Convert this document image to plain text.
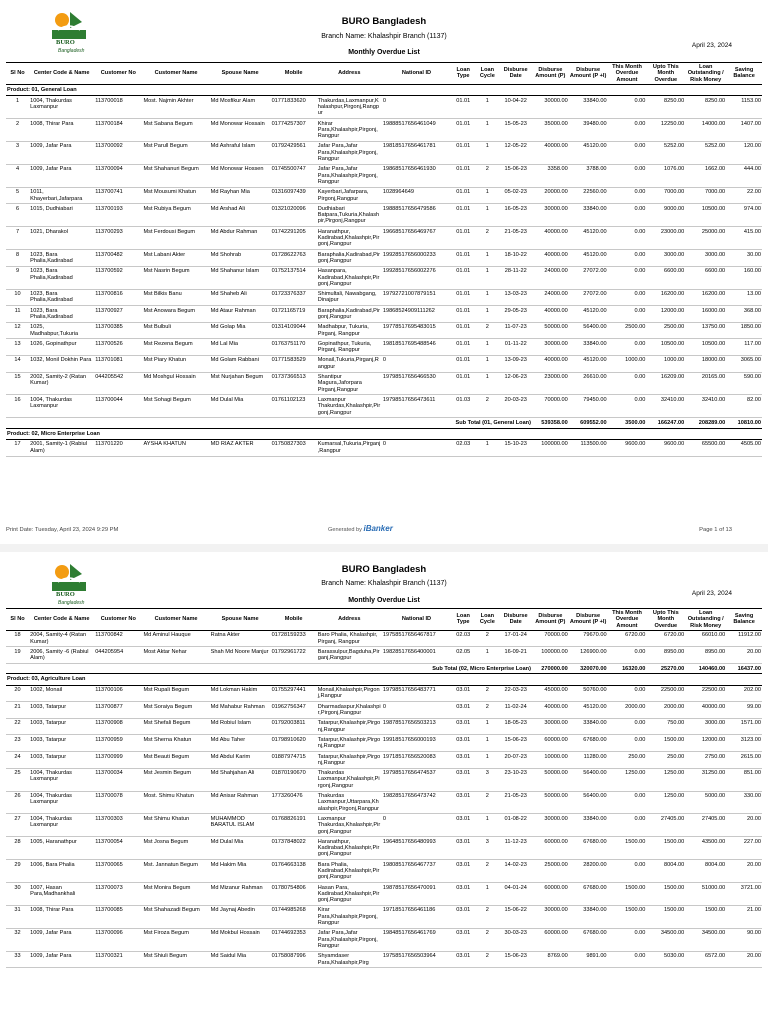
BURO
Bangladesh
BURO Bangladesh
Branch Name: Khalashpir Branch (1137)
Monthly Overdue List
April 23, 2024
Sl No	Center Code & Name	Customer No	Customer Name	Spouse Name	Mobile	Address	National ID	Loan Type	Loan Cycle	Disburse Date	Disburse Amount (P)	Disburse Amount (P +I)	This Month Overdue Amount	Upto This Month Overdue	Loan Outstanding / Risk Money	Saving Balance
Product: 01, General Loan																
1	1004, Thakurdas Laxmanpur	113700018	Most. Najmin Akhter	Md Mosfikur Alam	01771833620	Thakurdas,Laxmanpur,Khalashpur,Pirgonj,Rangpur	0	01.01	1	10-04-22	30000.00	33840.00	0.00	8250.00	8250.00	1153.00
2	1008, Thirar Para	113700184	Mst Sabana Begum	Md Monowar Hossain	01774257307	Khirar Para,Khalashpir,Pirgonj,Rangpur	19888517656461049	01.01	1	15-05-23	35000.00	39480.00	0.00	12250.00	14000.00	1407.00
3	1009, Jafar Para	113700092	Mst Parull Begum	Md Ashraful Islam	01792429561	Jafar Para,Jafar Para,Khalashpir,Pirgonj,Rangpur	19818517656461781	01.01	1	12-05-22	40000.00	45120.00	0.00	5252.00	5252.00	120.00
4	1009, Jafar Para	113700094	Mst Shahanuri Begum	Md Monowar Hossen	01745500747	Jafar Para,Jafar Para,Khalashpir,Pirgonj,Rangpur	19868517656461930	01.01	2	15-06-23	3358.00	3788.00	0.00	1076.00	1662.00	444.00
5	1011, Khayerbari,Jafarpara	113700741	Mst Mousumi Khatun	Md Rayhan Mia	01316097439	Kayerbari,Jafarpara, Pirgonj,Rangpur	1028964649	01.01	1	05-02-23	20000.00	22560.00	0.00	7000.00	7000.00	22.00
6	1015, Dudhiabari	113700193	Mst Rubiya Begum	Md Arshad Ali	01321020096	Dudhiabari Batpara,Tukuria,Khalashpir,Pirgonj,Rangpur	19888517656479586	01.01	1	16-05-23	30000.00	33840.00	0.00	9000.00	10500.00	974.00
7	1021, Dharakol	113700293	Mst Ferdousi Begum	Md Abdur Rahman	01742291205	Haranathpur, Kadirabad,Khalashpir,Pirgonj,Rangpur	19668517656469767	01.01	2	21-05-23	40000.00	45120.00	0.00	23000.00	25000.00	415.00
8	1023, Bara Phalia,Kadirabad	113700482	Mst Labani Akter	Md Shohrab	01728622763	Baraphalia,Kadirabad,Pirgonj,Rangpur	19928517656000233	01.01	1	18-10-22	40000.00	45120.00	0.00	3000.00	3000.00	30.00
9	1023, Bara Phalia,Kadirabad	113700592	Mst Nasrin Begum	Md Shahanur Islam	01752137514	Hasanpara, Kadirabad,Khalashpir,Pirgonj,Rangpur	19928517656002276	01.01	1	28-11-22	24000.00	27072.00	0.00	6600.00	6600.00	160.00
10	1023, Bara Phalia,Kadirabad	113700816	Mst Bilkis Banu	Md Shaheb Ali	01723376337	Shimultali, Nawabgang, Dinajpur	19792721007879151	01.01	1	13-03-23	24000.00	27072.00	0.00	16200.00	16200.00	13.00
11	1023, Bara Phalia,Kadirabad	113700927	Mst Anowara Begum	Md Ataur Rahman	01721165719	Baraphalia,Kadirabad,Pirgonj,Rangpur	19868524909111262	01.01	1	29-05-23	40000.00	45120.00	0.00	12000.00	16000.00	368.00
12	1025, Madhabpur,Tukuria	113700385	Mst Bulbuli	Md Golap Mia	01314109044	Madhabpur, Tukuria, Pirganj, Rangpur	19778517695483015	01.01	2	11-07-23	50000.00	56400.00	2500.00	2500.00	13750.00	1850.00
13	1026, Gopinathpur	113700526	Mst Rezena Begum	Md Lal Mia	01763751170	Gopinathpur, Tukuria, Pirganj, Rangpur	19818517695488546	01.01	1	01-11-22	30000.00	33840.00	0.00	10500.00	10500.00	117.00
14	1032, Monil Dokhin Para	113701081	Mst Piary Khatun	Md Golam Rabbani	01771583529	Monail,Tukuria,Pirganj,Rangpur	0	01.01	1	13-09-23	40000.00	45120.00	1000.00	1000.00	18000.00	3065.00
15	2002, Samity-2 (Ratan Kumar)	044205542	Md Moshgul Hossain	Mst Nurjahan Begum	01737366513	Shantipur Magura,Jaforpara Pirganj,Rangpur	19798517656466530	01.01	1	12-06-23	23000.00	26610.00	0.00	16209.00	20165.00	590.00
16	1004, Thakurdas Laxmanpur	113700044	Mst Sohagi Begum	Md Dulal Mia	01761102123	Laxmanpur Thakurdas,Khalashpir,Pirgonj,Rangpur	19798517656473611	01.03	2	20-03-23	70000.00	79450.00	0.00	32410.00	32410.00	82.00
Sub Total (01, General Loan)											539358.00	609552.00	3500.00	166247.00	208289.00	10810.00
Product: 02, Micro Enterprise Loan																
17	2001, Samity-1 (Rabiul Alam)	113701220	AYSHA KHATUN	MD RIAZ AKTER	01750827303	Kumarsal,Tukuria,Pirganj,Rangpur	0	02.03	1	15-10-23	100000.00	113500.00	9600.00	9600.00	65500.00	4505.00
Print Date: Tuesday, April 23, 2024 9:29 PM	Generated by iBanker	Page 1 of 13
BURO
Bangladesh
BURO Bangladesh
Branch Name: Khalashpir Branch (1137)
Monthly Overdue List
April 23, 2024
Sl No	Center Code & Name	Customer No	Customer Name	Spouse Name	Mobile	Address	National ID	Loan Type	Loan Cycle	Disburse Date	Disburse Amount (P)	Disburse Amount (P +I)	This Month Overdue Amount	Upto This Month Overdue	Loan Outstanding / Risk Money	Saving Balance
18	2004, Samity-4 (Ratan Kumar)	113700842	Md Aminul Hauque	Ratna Akter	01728159233	Baro Phalia, Khalashpir, Pirganj, Rangpur	19758517656467817	02.03	2	17-01-24	70000.00	79670.00	6720.00	6720.00	66010.00	11912.00
19	2006, Samity -6 (Rabiul Alam)	044205954	Most Aktar Nehar	Shah Md Noore Manjur	01792961722	Barassulpur,Bagduha,Pirganj,Rangpur	19828517656400001	02.05	1	16-09-21	100000.00	126900.00	0.00	8950.00	8950.00	20.00
Sub Total (02, Micro Enterprise Loan)											270000.00	320070.00	16320.00	25270.00	140460.00	16437.00
Product: 03, Agriculture Loan																
20	1002, Monail	113700106	Mst Rupali Begum	Md Lokman Hakim	01755297441	Monail,Khalashpir,Pirgonj,Rangpur	19798517656483771	03.01	2	22-03-23	45000.00	50760.00	0.00	22500.00	22500.00	202.00
21	1003, Tatarpur	113700877	Mst Soraiya Begum	Md Mahabur Rahman	01962756347	Dharmadaspur,Khalashpir,Pirgonj,Rangpur	0	03.01	2	11-02-24	40000.00	45120.00	2000.00	2000.00	40000.00	99.00
22	1003, Tatarpur	113700908	Mst Shefali Begum	Md Robiul Islam	01792003811	Tatarpur,Khalashpir,Pirgonj,Rangpur	19878517656503213	03.01	1	18-05-23	30000.00	33840.00	0.00	750.00	3000.00	1571.00
23	1003, Tatarpur	113700959	Mst Sherna Khatun	Md Abu Taher	01798910620	Tatarpur,Khalashpir,Pirgonj,Rangpur	19918517656000193	03.01	1	15-06-23	60000.00	67680.00	0.00	1500.00	12000.00	3123.00
24	1003, Tatarpur	113700999	Mst Beauti Begum	Md Abdul Karim	01887974715	Tatarpur,Khalashpir,Pirgonj,Rangpur	19718517656520083	03.01	1	20-07-23	10000.00	11280.00	250.00	250.00	2750.00	2615.00
25	1004, Thakurdas Laxmanpur	113700034	Mst Jesmin Begum	Md Shahjahan Ali	01870190670	Thakurdas Laxmanpur,Khalashpir,Pirgonj,Rangpur	19798517656474537	03.01	3	23-10-23	50000.00	56400.00	1250.00	1250.00	31250.00	851.00
26	1004, Thakurdas Laxmanpur	113700078	Most. Shimu Khatun	Md Anisar Rahman	1773260476	Thakurdas Laxmanpur,Uttarpara,Khalashpir,Pirgonj,Rangpur	19828517656473742	03.01	2	21-05-23	50000.00	56400.00	0.00	1250.00	5000.00	330.00
27	1004, Thakurdas Laxmanpur	113700303	Mst Shimu Khatun	MUHAMMOD BARATUL ISLAM	01768826191	Laxmanpur Thakurdas,Khalashpir,Pirgonj,Rangpur	0	03.01	1	01-08-22	30000.00	33840.00	0.00	27405.00	27405.00	20.00
28	1005, Haranathpur	113700054	Mst Josna Begum	Md Dulal Mia	01737848022	Haranathpur, Kadirabad,Khalashpir,Pirgonj,Rangpur	19648517656480993	03.01	3	11-12-23	60000.00	67680.00	1500.00	1500.00	43500.00	227.00
29	1006, Bara Phalia	113700065	Mst. Jannatun Begum	Md Hakim Mia	01764663138	Bara Phalia, Kadirabad,Khalashpir,Pirgonj,Rangpur	19808517656467737	03.01	2	14-02-23	25000.00	28200.00	0.00	8004.00	8004.00	20.00
30	1007, Hasan Para,Madhankhali	113700073	Mst Monira Begum	Md Mizanur Rahman	01780754806	Hasan Para, Kadirabad,Khalashpir,Pirgonj,Rangpur	19878517656470091	03.01	1	04-01-24	60000.00	67680.00	1500.00	1500.00	51000.00	3721.00
31	1008, Thirar Para	113700085	Mst Shahazadi Begum	Md Jaynaj Abedin	01744985268	Kirar Para,Khalashpir,Pirgonj,Rangpur	19718517656461186	03.01	2	15-06-22	30000.00	33840.00	1500.00	1500.00	1500.00	21.00
32	1009, Jafar Para	113700096	Mst Firoza Begum	Md Mokbul Hossain	01744692353	Jafar Para,Jafar Para,Khalashpir,Pirgonj,Rangpur	19848517656461769	03.01	2	30-03-23	60000.00	67680.00	0.00	34500.00	34500.00	90.00
33	1009, Jafar Para	113700321	Mst Shiuli Begum	Md Saidul Mia	01758087996	Shyamdaser Para,Khalashpir,Pirg	19758517656503964	03.01	2	15-06-23	8769.00	9891.00	0.00	5030.00	6572.00	20.00
